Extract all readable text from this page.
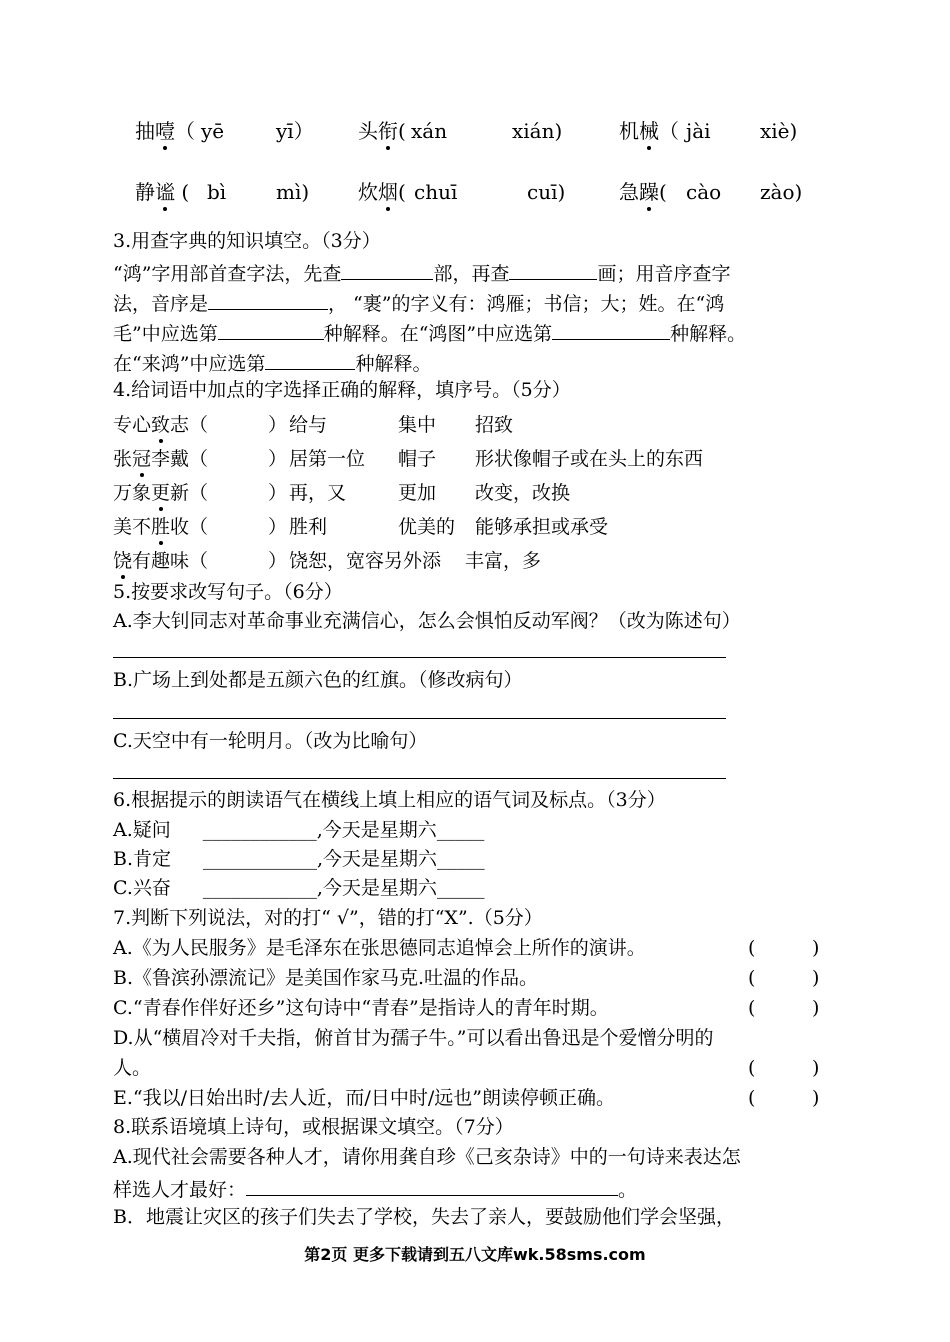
抽噎（ yē	yī） 头衔( xán	xián)	机械（ jài xiè)
静谧 ( bì mì) 炊烟( chuī	cuī)	急躁( cào zào)
3.用查字典的知识填空。（3分）
“鸿”字用部首查字法，先查	部，再查	画；用音序查字
法，音序是	， “裹”的字义有：鸿雁；书信；大；姓。在“鸿
毛”中应选第	种解释。在“鸿图”中应选第	种解释。
在“来鸿”中应选第	种解释。
4.给词语中加点的字选择正确的解释，填序号。（5分）
专心致志（	） 给与	集中 招致
张冠李戴（	） 居第一位 帽子 形状像帽子或在头上的东西
万象更新（	） 再，又	更加 改变，改换
美不胜收（	） 胜利	优美的 能够承担或承受
饶有趣味（	） 饶恕，宽容另外添 丰富，多
5.按要求改写句子。（6分）
A.李大钊同志对革命事业充满信心，怎么会惧怕反动军阀？（改为陈述句）
B.广场上到处都是五颜六色的红旗。（修改病句）
C.天空中有一轮明月。（改为比喻句）
6.根据提示的朗读语气在横线上填上相应的语气词及标点。（3分）
A.疑问 ____________,今天是星期六_____
B.肯定 ____________,今天是星期六_____
C.兴奋 ____________,今天是星期六_____
7.判断下列说法，对的打“ √”，错的打“X”.（5分）
A.《为人民服务》是毛泽东在张思德同志追悼会上所作的演讲。	(	)
B.《鲁滨孙漂流记》是美国作家马克.吐温的作品。	(	)
C.“青春作伴好还乡”这句诗中“青春”是指诗人的青年时期。	(	)
D.从“横眉冷对千夫指，俯首甘为孺子牛。”可以看出鲁迅是个爱憎分明的
人。	(	)
E.“我以/日始出时/去人近，而/日中时/远也”朗读停顿正确。	(	)
8.联系语境填上诗句，或根据课文填空。（7分）
A.现代社会需要各种人才，请你用龚自珍《己亥杂诗》中的一句诗来表达怎
样选人才最好：	。
B．地震让灾区的孩子们失去了学校，失去了亲人，要鼓励他们学会坚强，
第2页 更多下载请到五八文库wk.58sms.com
